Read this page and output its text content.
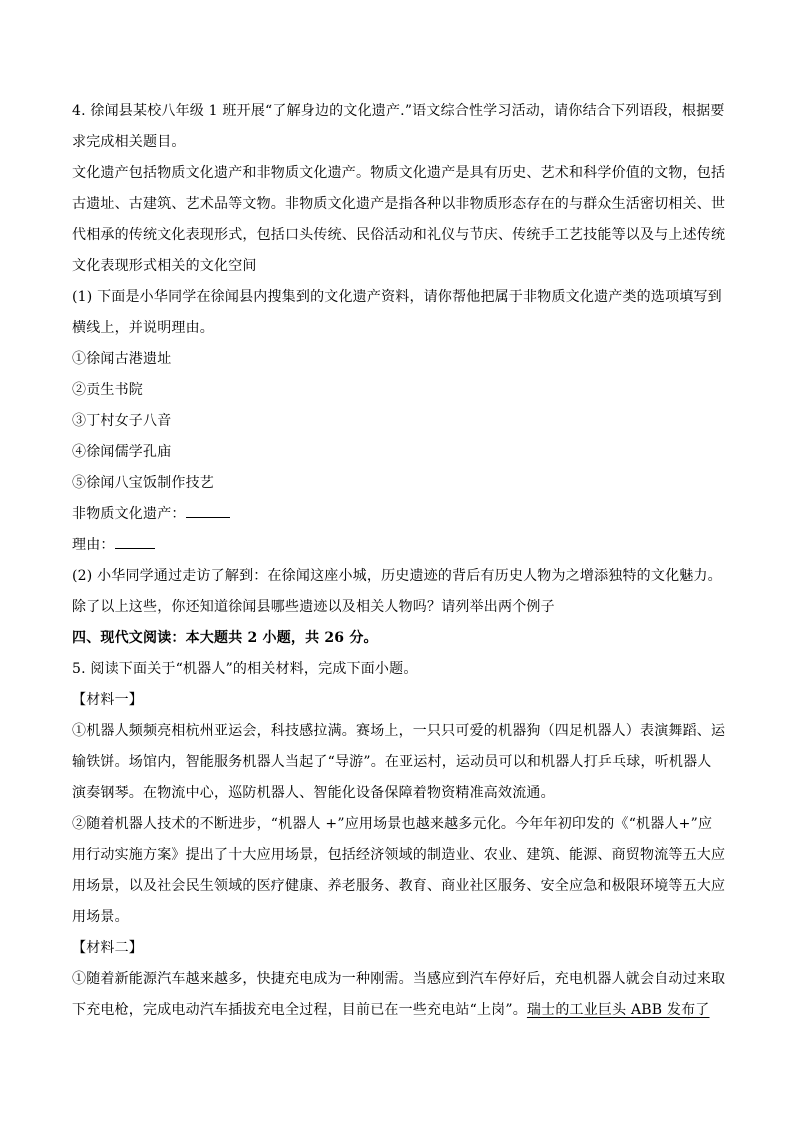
4. 徐闻县某校八年级 1 班开展“了解身边的文化遗产.”语文综合性学习活动，请你结合下列语段，根据要
求完成相关题目。
文化遗产包括物质文化遗产和非物质文化遗产。物质文化遗产是具有历史、艺术和科学价值的文物，包括
古遗址、古建筑、艺术品等文物。非物质文化遗产是指各种以非物质形态存在的与群众生活密切相关、世
代相承的传统文化表现形式，包括口头传统、民俗活动和礼仪与节庆、传统手工艺技能等以及与上述传统
文化表现形式相关的文化空间
(1) 下面是小华同学在徐闻县内搜集到的文化遗产资料，请你帮他把属于非物质文化遗产类的选项填写到
横线上，并说明理由。
①徐闻古港遗址
②贡生书院
③丁村女子八音
④徐闻儒学孔庙
⑤徐闻八宝饭制作技艺
非物质文化遗产：
理由：
(2) 小华同学通过走访了解到：在徐闻这座小城，历史遗迹的背后有历史人物为之增添独特的文化魅力。
除了以上这些，你还知道徐闻县哪些遗迹以及相关人物吗？请列举出两个例子
四、现代文阅读：本大题共 2 小题，共 26 分。
5. 阅读下面关于“机器人”的相关材料，完成下面小题。
【材料一】
①机器人频频亮相杭州亚运会，科技感拉满。赛场上，一只只可爱的机器狗（四足机器人）表演舞蹈、运
输铁饼。场馆内，智能服务机器人当起了“导游”。在亚运村，运动员可以和机器人打乒乓球，听机器人
演奏钢琴。在物流中心，巡防机器人、智能化设备保障着物资精准高效流通。
②随着机器人技术的不断进步，“机器人 +”应用场景也越来越多元化。今年年初印发的《“机器人+”应
用行动实施方案》提出了十大应用场景，包括经济领域的制造业、农业、建筑、能源、商贸物流等五大应
用场景，以及社会民生领域的医疗健康、养老服务、教育、商业社区服务、安全应急和极限环境等五大应
用场景。
【材料二】
①随着新能源汽车越来越多，快捷充电成为一种刚需。当感应到汽车停好后，充电机器人就会自动过来取
下充电枪，完成电动汽车插拔充电全过程，目前已在一些充电站“上岗”。瑞士的工业巨头 ABB 发布了
